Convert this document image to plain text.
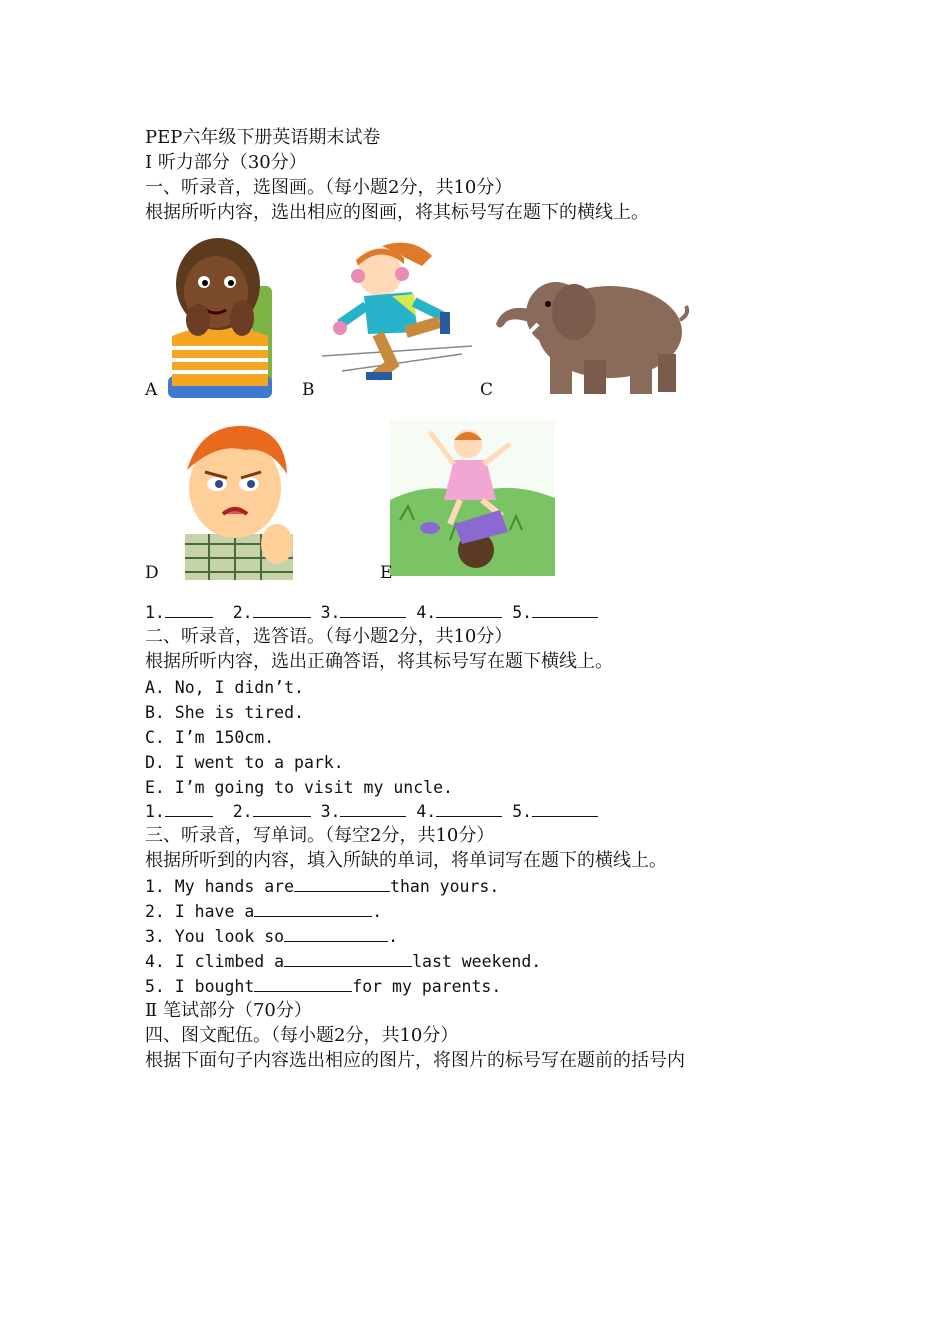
PEP六年级下册英语期末试卷
Ⅰ 听力部分（30分）
一、听录音，选图画。（每小题2分，共10分）
根据所听内容，选出相应的图画，将其标号写在题下的横线上。
A	B	C
D	E
1.	2.	3.	4.	5.
二、听录音，选答语。（每小题2分，共10分）
根据所听内容，选出正确答语，将其标号写在题下横线上。
A. No, I didn’t.
B. She is tired.
C. I’m 150cm.
D. I went to a park.
E. I’m going to visit my uncle.
1.	2.	3.	4.	5.
三、听录音，写单词。（每空2分，共10分）
根据所听到的内容，填入所缺的单词，将单词写在题下的横线上。
1. My hands are	than yours.
2. I have a	.
3. You look so	.
4. I climbed a	last weekend.
5. I bought	for my parents.
Ⅱ 笔试部分（70分）
四、图文配伍。（每小题2分，共10分）
根据下面句子内容选出相应的图片，将图片的标号写在题前的括号内
